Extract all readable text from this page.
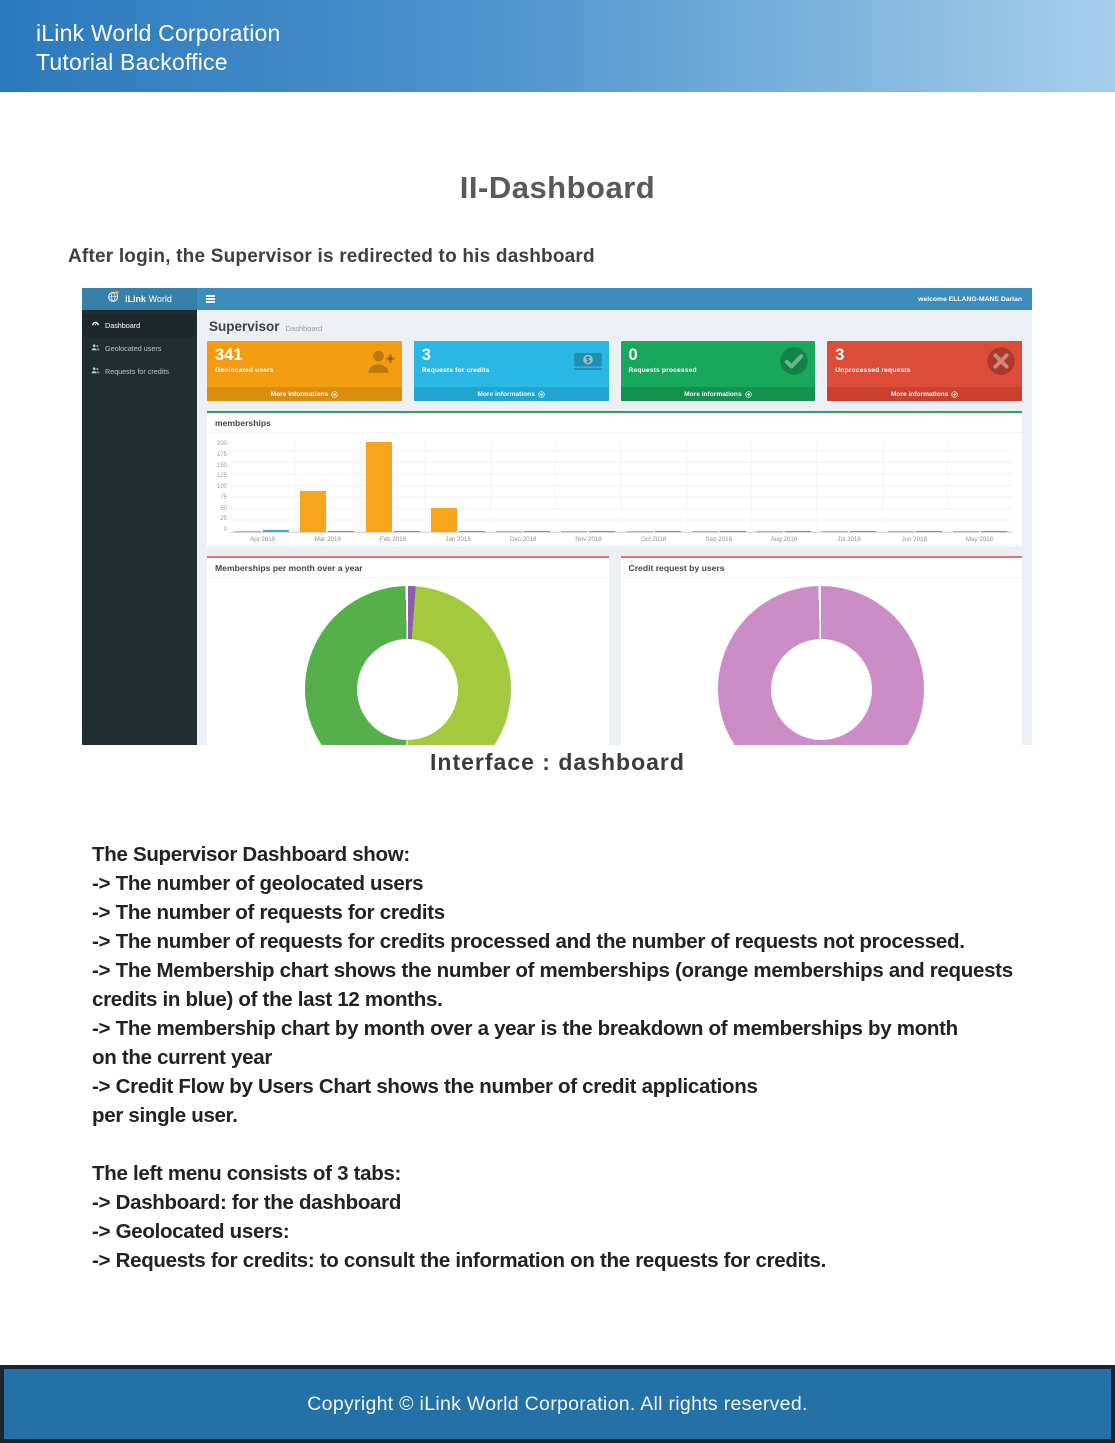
iLink World Corporation
Tutorial Backoffice
II-Dashboard
After login, the Supervisor is redirected to his dashboard
iLink World	welcome ELLANG-MANE Darlan
Dashboard
Geolocated users
Requests for credits
Supervisor Dashboard
341
Geolocated users
More informations
3
Requests for credits
More informations
0
Requests processed
More informations
3
Unprocessed requests
More informations
memberships
200
175
150
125
100
75
50
25
0
Apr 2019	Mar 2019	Feb 2019	Jan 2019	Dec 2018	Nov 2018	Oct 2018	Sep 2018	Aug 2018	Jul 2018	Jun 2018	May 2018
Memberships per month over a year	Credit request by users
Interface : dashboard
The Supervisor Dashboard show:
-> The number of geolocated users
-> The number of requests for credits
-> The number of requests for credits processed and the number of requests not processed.
-> The Membership chart shows the number of memberships (orange memberships and requests
credits in blue) of the last 12 months.
-> The membership chart by month over a year is the breakdown of memberships by month
on the current year
-> Credit Flow by Users Chart shows the number of credit applications
per single user.
The left menu consists of 3 tabs:
-> Dashboard: for the dashboard
-> Geolocated users:
-> Requests for credits: to consult the information on the requests for credits.
Copyright © iLink World Corporation. All rights reserved.
